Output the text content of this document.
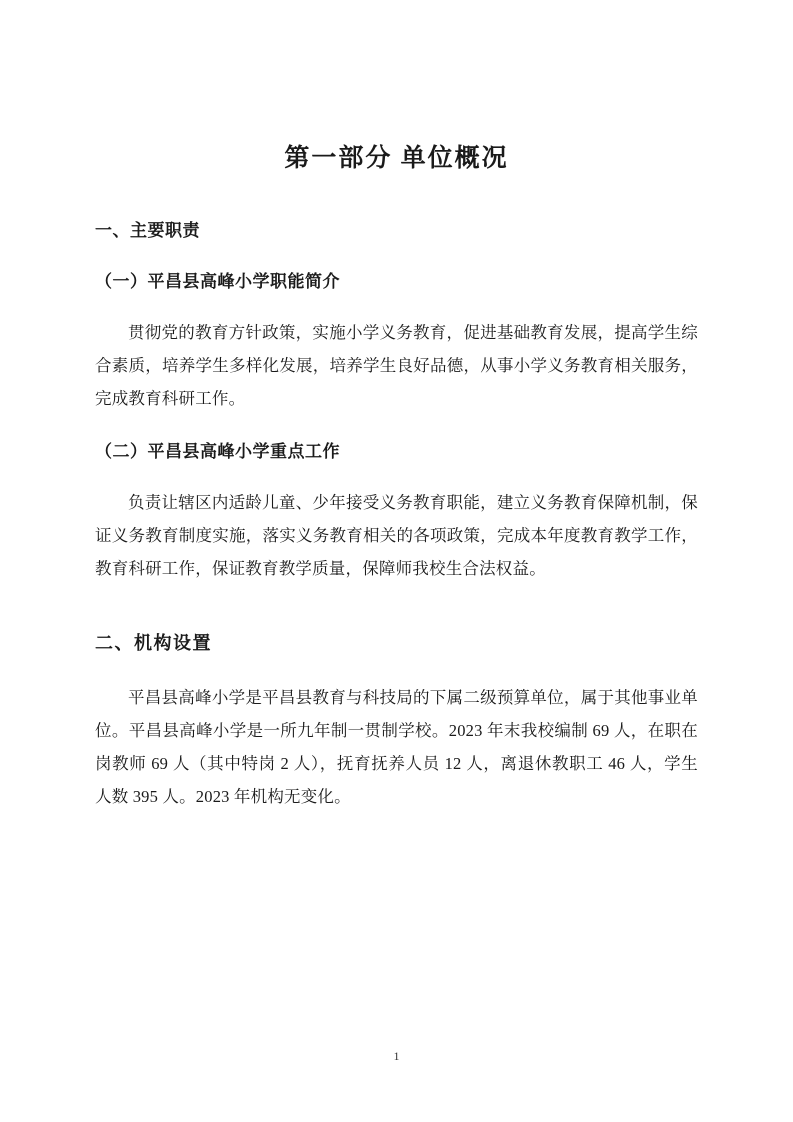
第一部分 单位概况
一、主要职责
（一）平昌县高峰小学职能简介

贯彻党的教育方针政策，实施小学义务教育，促进基础教育发展，提高学生综合素质，培养学生多样化发展，培养学生良好品德，从事小学义务教育相关服务，完成教育科研工作。

（二）平昌县高峰小学重点工作

负责让辖区内适龄儿童、少年接受义务教育职能，建立义务教育保障机制，保证义务教育制度实施，落实义务教育相关的各项政策，完成本年度教育教学工作，教育科研工作，保证教育教学质量，保障师我校生合法权益。

二、机构设置

平昌县高峰小学是平昌县教育与科技局的下属二级预算单位，属于其他事业单位。平昌县高峰小学是一所九年制一贯制学校。2023 年末我校编制 69 人，在职在岗教师 69 人（其中特岗 2 人），抚育抚养人员 12 人，离退休教职工 46 人，学生人数 395 人。2023 年机构无变化。

1
